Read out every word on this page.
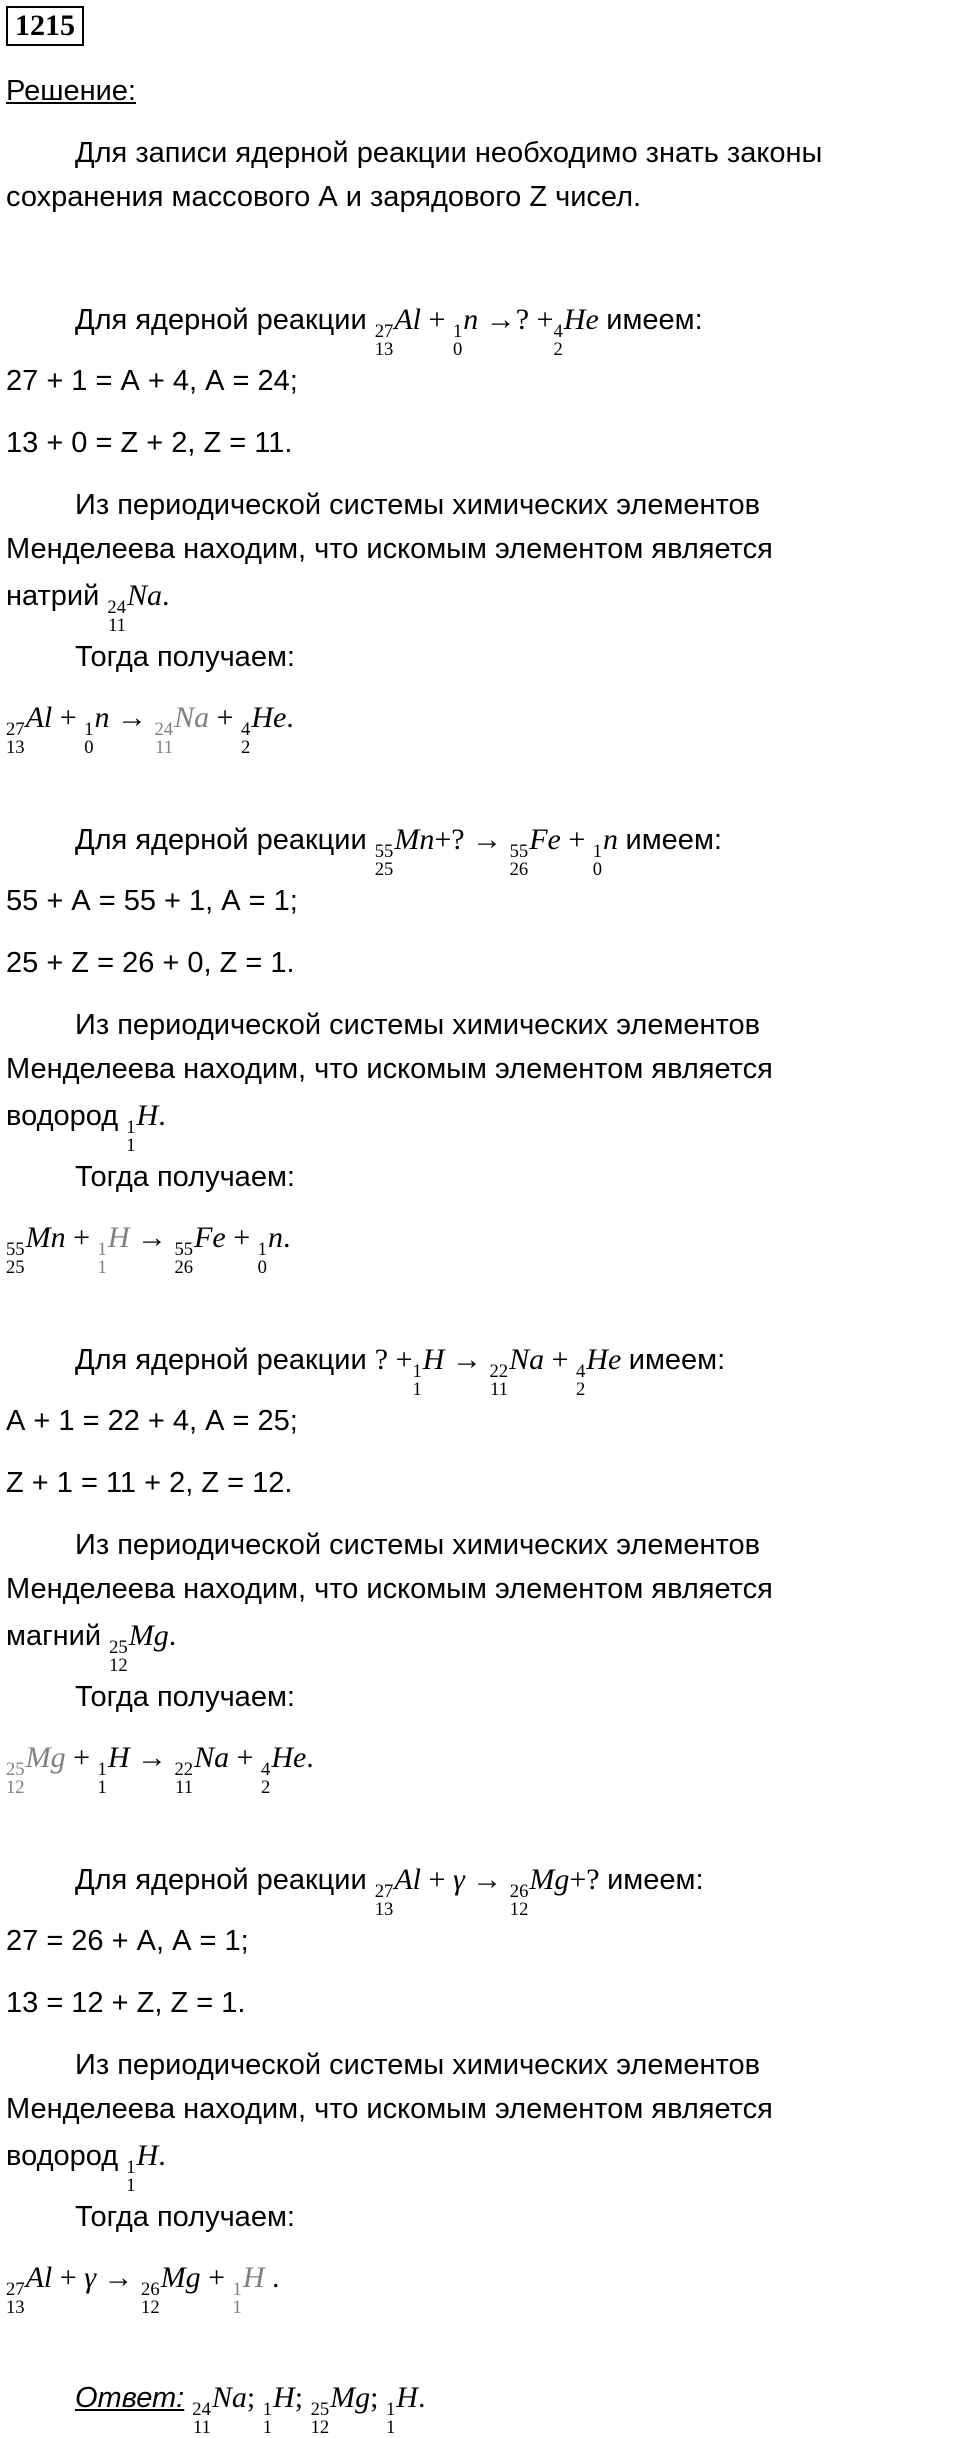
1215
Решение:
Для записи ядерной реакции необходимо знать законы
сохранения массового А и зарядового Z чисел.
Для ядерной реакции 27
13
Al + 1
0
n →? + 4
2
He имеем:
27 + 1 = А + 4, А = 24;
13 + 0 = Z + 2, Z = 11.
Из периодической системы химических элементов
Менделеева находим, что искомым элементом является
натрий 24
11
Na.
Тогда получаем:
27
13
Al + 1
0
n → 24
11
Na + 4
2
He.
Для ядерной реакции 55
25
Mn+? → 55
26
Fe + 1
0
n имеем:
55 + А = 55 + 1, А = 1;
25 + Z = 26 + 0, Z = 1.
Из периодической системы химических элементов
Менделеева находим, что искомым элементом является
водород 1
1
H.
Тогда получаем:
55
25
Mn + 1
1
H → 55
26
Fe + 1
0
n.
Для ядерной реакции ? + 1
1
H → 22
11
Na + 4
2
He имеем:
А + 1 = 22 + 4, А = 25;
Z + 1 = 11 + 2, Z = 12.
Из периодической системы химических элементов
Менделеева находим, что искомым элементом является
магний 25
12
Mg.
Тогда получаем:
25
12
Mg + 1
1
H → 22
11
Na + 4
2
He.
Для ядерной реакции 27
13
Al + γ → 26
12
Mg+? имеем:
27 = 26 + А, А = 1;
13 = 12 + Z, Z = 1.
Из периодической системы химических элементов
Менделеева находим, что искомым элементом является
водород 1
1
H.
Тогда получаем:
27
13
Al + γ → 26
12
Mg + 1
1
H .
Ответ: 24
11
Na; 1
1
H; 25
12
Mg; 1
1
H.
